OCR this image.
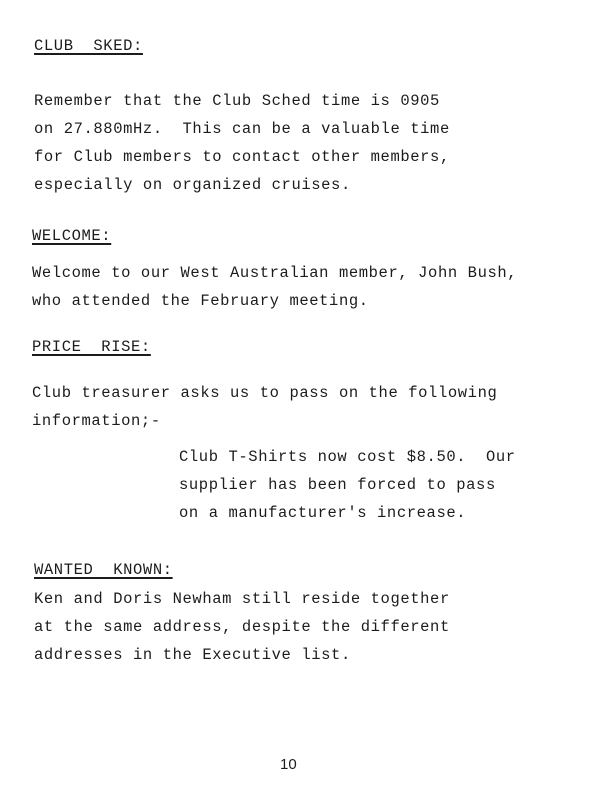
CLUB  SKED:
Remember that the Club Sched time is 0905
on 27.880mHz.  This can be a valuable time
for Club members to contact other members,
especially on organized cruises.
WELCOME:
Welcome to our West Australian member, John Bush,
who attended the February meeting.
PRICE  RISE:
Club treasurer asks us to pass on the following
information;-
Club T-Shirts now cost $8.50.  Our
supplier has been forced to pass
on a manufacturer's increase.
WANTED  KNOWN:
Ken and Doris Newham still reside together
at the same address, despite the different
addresses in the Executive list.
10
